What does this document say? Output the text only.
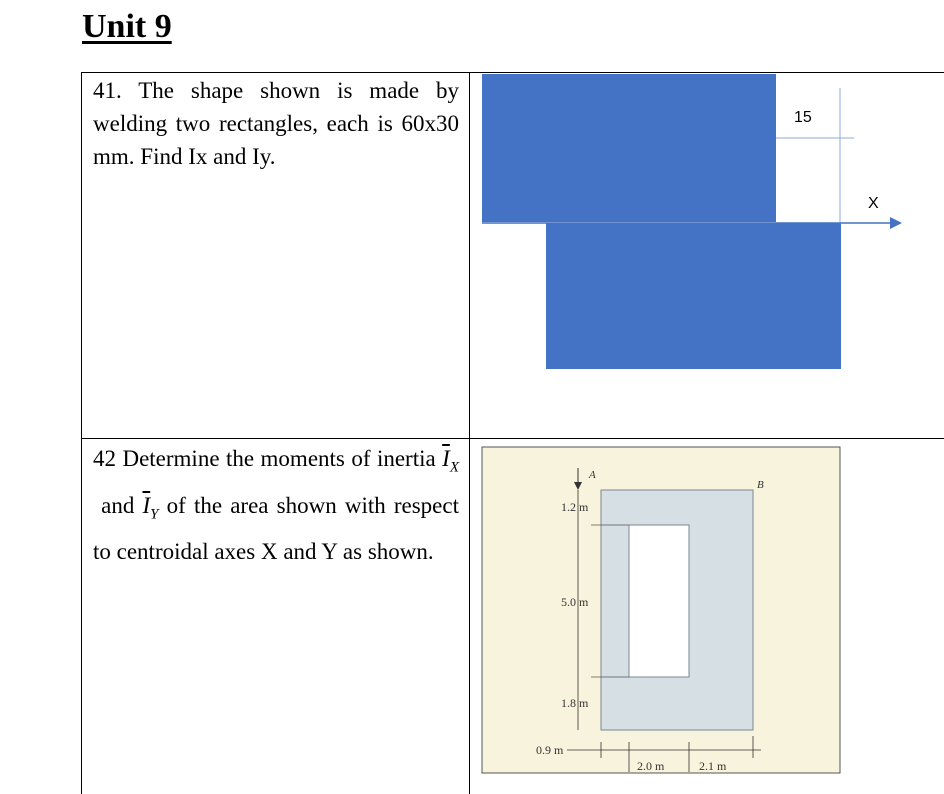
Unit 9
41. The shape shown is made by welding two rectangles, each is 60x30 mm. Find Ix and Iy.
15
X
42 Determine the moments of inertia $\overline{I}_X$ and $\overline{I}_Y$ of the area shown with respect to centroidal axes X and Y as shown.
A
B
1.2 m
5.0 m
1.8 m
0.9 m
2.0 m	2.1 m
